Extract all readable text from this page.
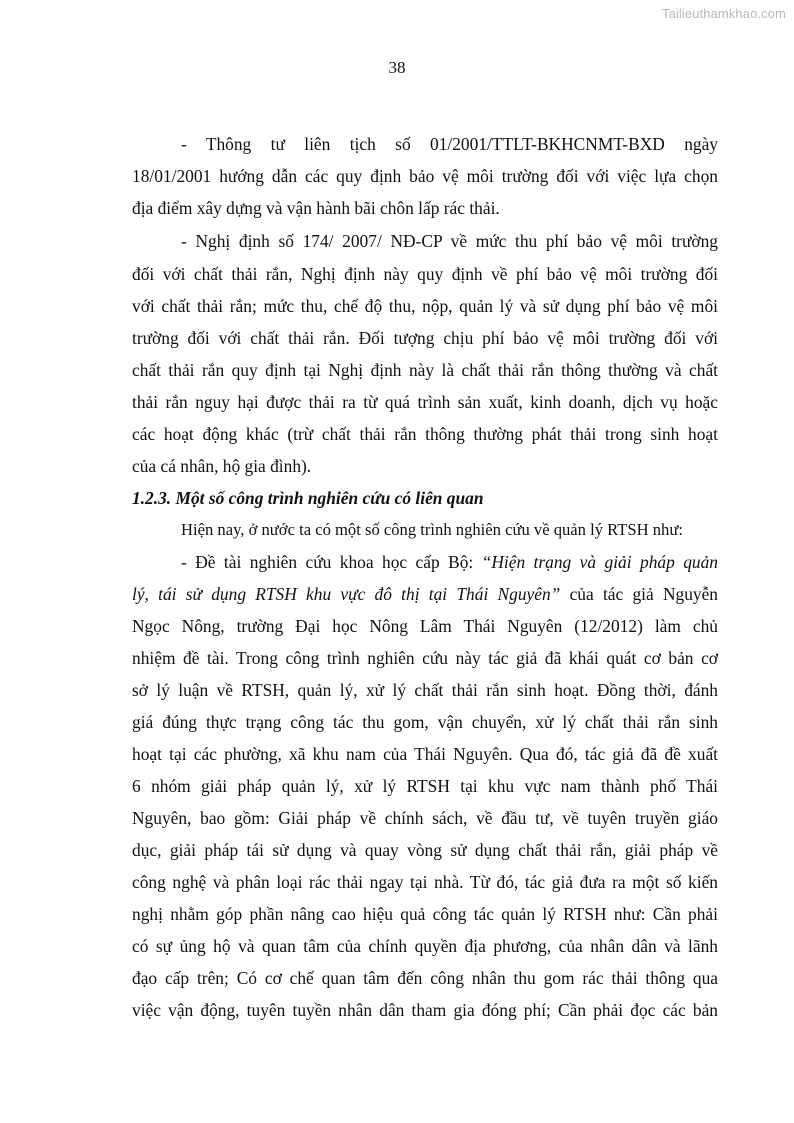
Tailieuthamkhao.com
38
- Thông tư liên tịch số 01/2001/TTLT-BKHCNMT-BXD ngày
18/01/2001 hướng dẫn các quy định bảo vệ môi trường đối với việc lựa chọn
địa điểm xây dựng và vận hành bãi chôn lấp rác thải.
- Nghị định số 174/ 2007/ NĐ-CP về mức thu phí bảo vệ môi trường
đối với chất thải rắn, Nghị định này quy định về phí bảo vệ môi trường đối
với chất thải rắn; mức thu, chế độ thu, nộp, quản lý và sử dụng phí bảo vệ môi
trường đối với chất thải rắn. Đối tượng chịu phí bảo vệ môi trường đối với
chất thải rắn quy định tại Nghị định này là chất thải rắn thông thường và chất
thải rắn nguy hại được thải ra từ quá trình sản xuất, kinh doanh, dịch vụ hoặc
các hoạt động khác (trừ chất thải rắn thông thường phát thải trong sinh hoạt
của cá nhân, hộ gia đình).
1.2.3. Một số công trình nghiên cứu có liên quan
Hiện nay, ở nước ta có một số công trình nghiên cứu về quản lý RTSH như:
- Đề tài nghiên cứu khoa học cấp Bộ: “Hiện trạng và giải pháp quản
lý, tái sử dụng RTSH khu vực đô thị tại Thái Nguyên” của tác giả Nguyễn
Ngọc Nông, trường Đại học Nông Lâm Thái Nguyên (12/2012) làm chủ
nhiệm đề tài. Trong công trình nghiên cứu này tác giả đã khái quát cơ bản cơ
sở lý luận về RTSH, quản lý, xử lý chất thải rắn sinh hoạt. Đồng thời, đánh
giá đúng thực trạng công tác thu gom, vận chuyển, xử lý chất thải rắn sinh
hoạt tại các phường, xã khu nam của Thái Nguyên. Qua đó, tác giả đã đề xuất
6 nhóm giải pháp quản lý, xử lý RTSH tại khu vực nam thành phố Thái
Nguyên, bao gồm: Giải pháp về chính sách, về đầu tư, về tuyên truyền giáo
dục, giải pháp tái sử dụng và quay vòng sử dụng chất thải rắn, giải pháp về
công nghệ và phân loại rác thải ngay tại nhà. Từ đó, tác giả đưa ra một số kiến
nghị nhằm góp phần nâng cao hiệu quả công tác quản lý RTSH như: Cần phải
có sự ủng hộ và quan tâm của chính quyền địa phương, của nhân dân và lãnh
đạo cấp trên; Có cơ chế quan tâm đến công nhân thu gom rác thải thông qua
việc vận động, tuyên tuyền nhân dân tham gia đóng phí; Cần phải đọc các bản
